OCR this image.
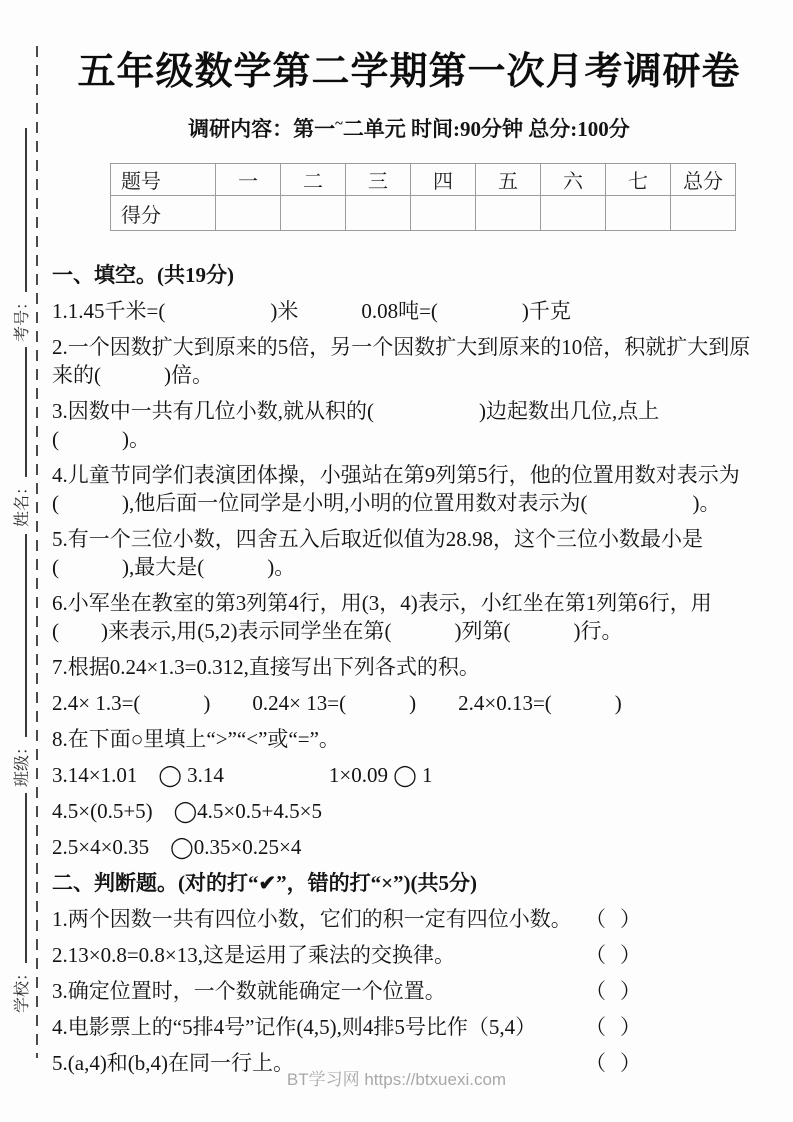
考号：
姓名：
班级：
学校：
五年级数学第二学期第一次月考调研卷
调研内容：第一~二单元 时间:90分钟 总分:100分
题号	一	二	三	四	五	六	七	总分
得分								
一、填空。(共19分)
1.1.45千米=(　　　　　)米　　　0.08吨=(　　　　)千克
2.一个因数扩大到原来的5倍，另一个因数扩大到原来的10倍，积就扩大到原
来的(　　　)倍。
3.因数中一共有几位小数,就从积的(　　　　　)边起数出几位,点上
(　　　)。
4.儿童节同学们表演团体操，小强站在第9列第5行，他的位置用数对表示为
(　　　),他后面一位同学是小明,小明的位置用数对表示为(　　　　　)。
5.有一个三位小数，四舍五入后取近似值为28.98，这个三位小数最小是
(　　　),最大是(　　　)。
6.小军坐在教室的第3列第4行，用(3，4)表示，小红坐在第1列第6行，用
(　　)来表示,用(5,2)表示同学坐在第(　　　)列第(　　　)行。
7.根据0.24×1.3=0.312,直接写出下列各式的积。
2.4× 1.3=(　　　)　　0.24× 13=(　　　)　　2.4×0.13=(　　　)
8.在下面○里填上“>”“<”或“=”。
3.14×1.01　◯ 3.14　　　　　1×0.09 ◯ 1
4.5×(0.5+5)　◯4.5×0.5+4.5×5
2.5×4×0.35　◯0.35×0.25×4
二、判断题。(对的打“✔”，错的打“×”)(共5分)
1.两个因数一共有四位小数，它们的积一定有四位小数。 （）
2.13×0.8=0.8×13,这是运用了乘法的交换律。	（）
3.确定位置时，一个数就能确定一个位置。	（）
4.电影票上的“5排4号”记作(4,5),则4排5号比作（5,4） （）
5.(a,4)和(b,4)在同一行上。	（）
BT学习网 https://btxuexi.com
